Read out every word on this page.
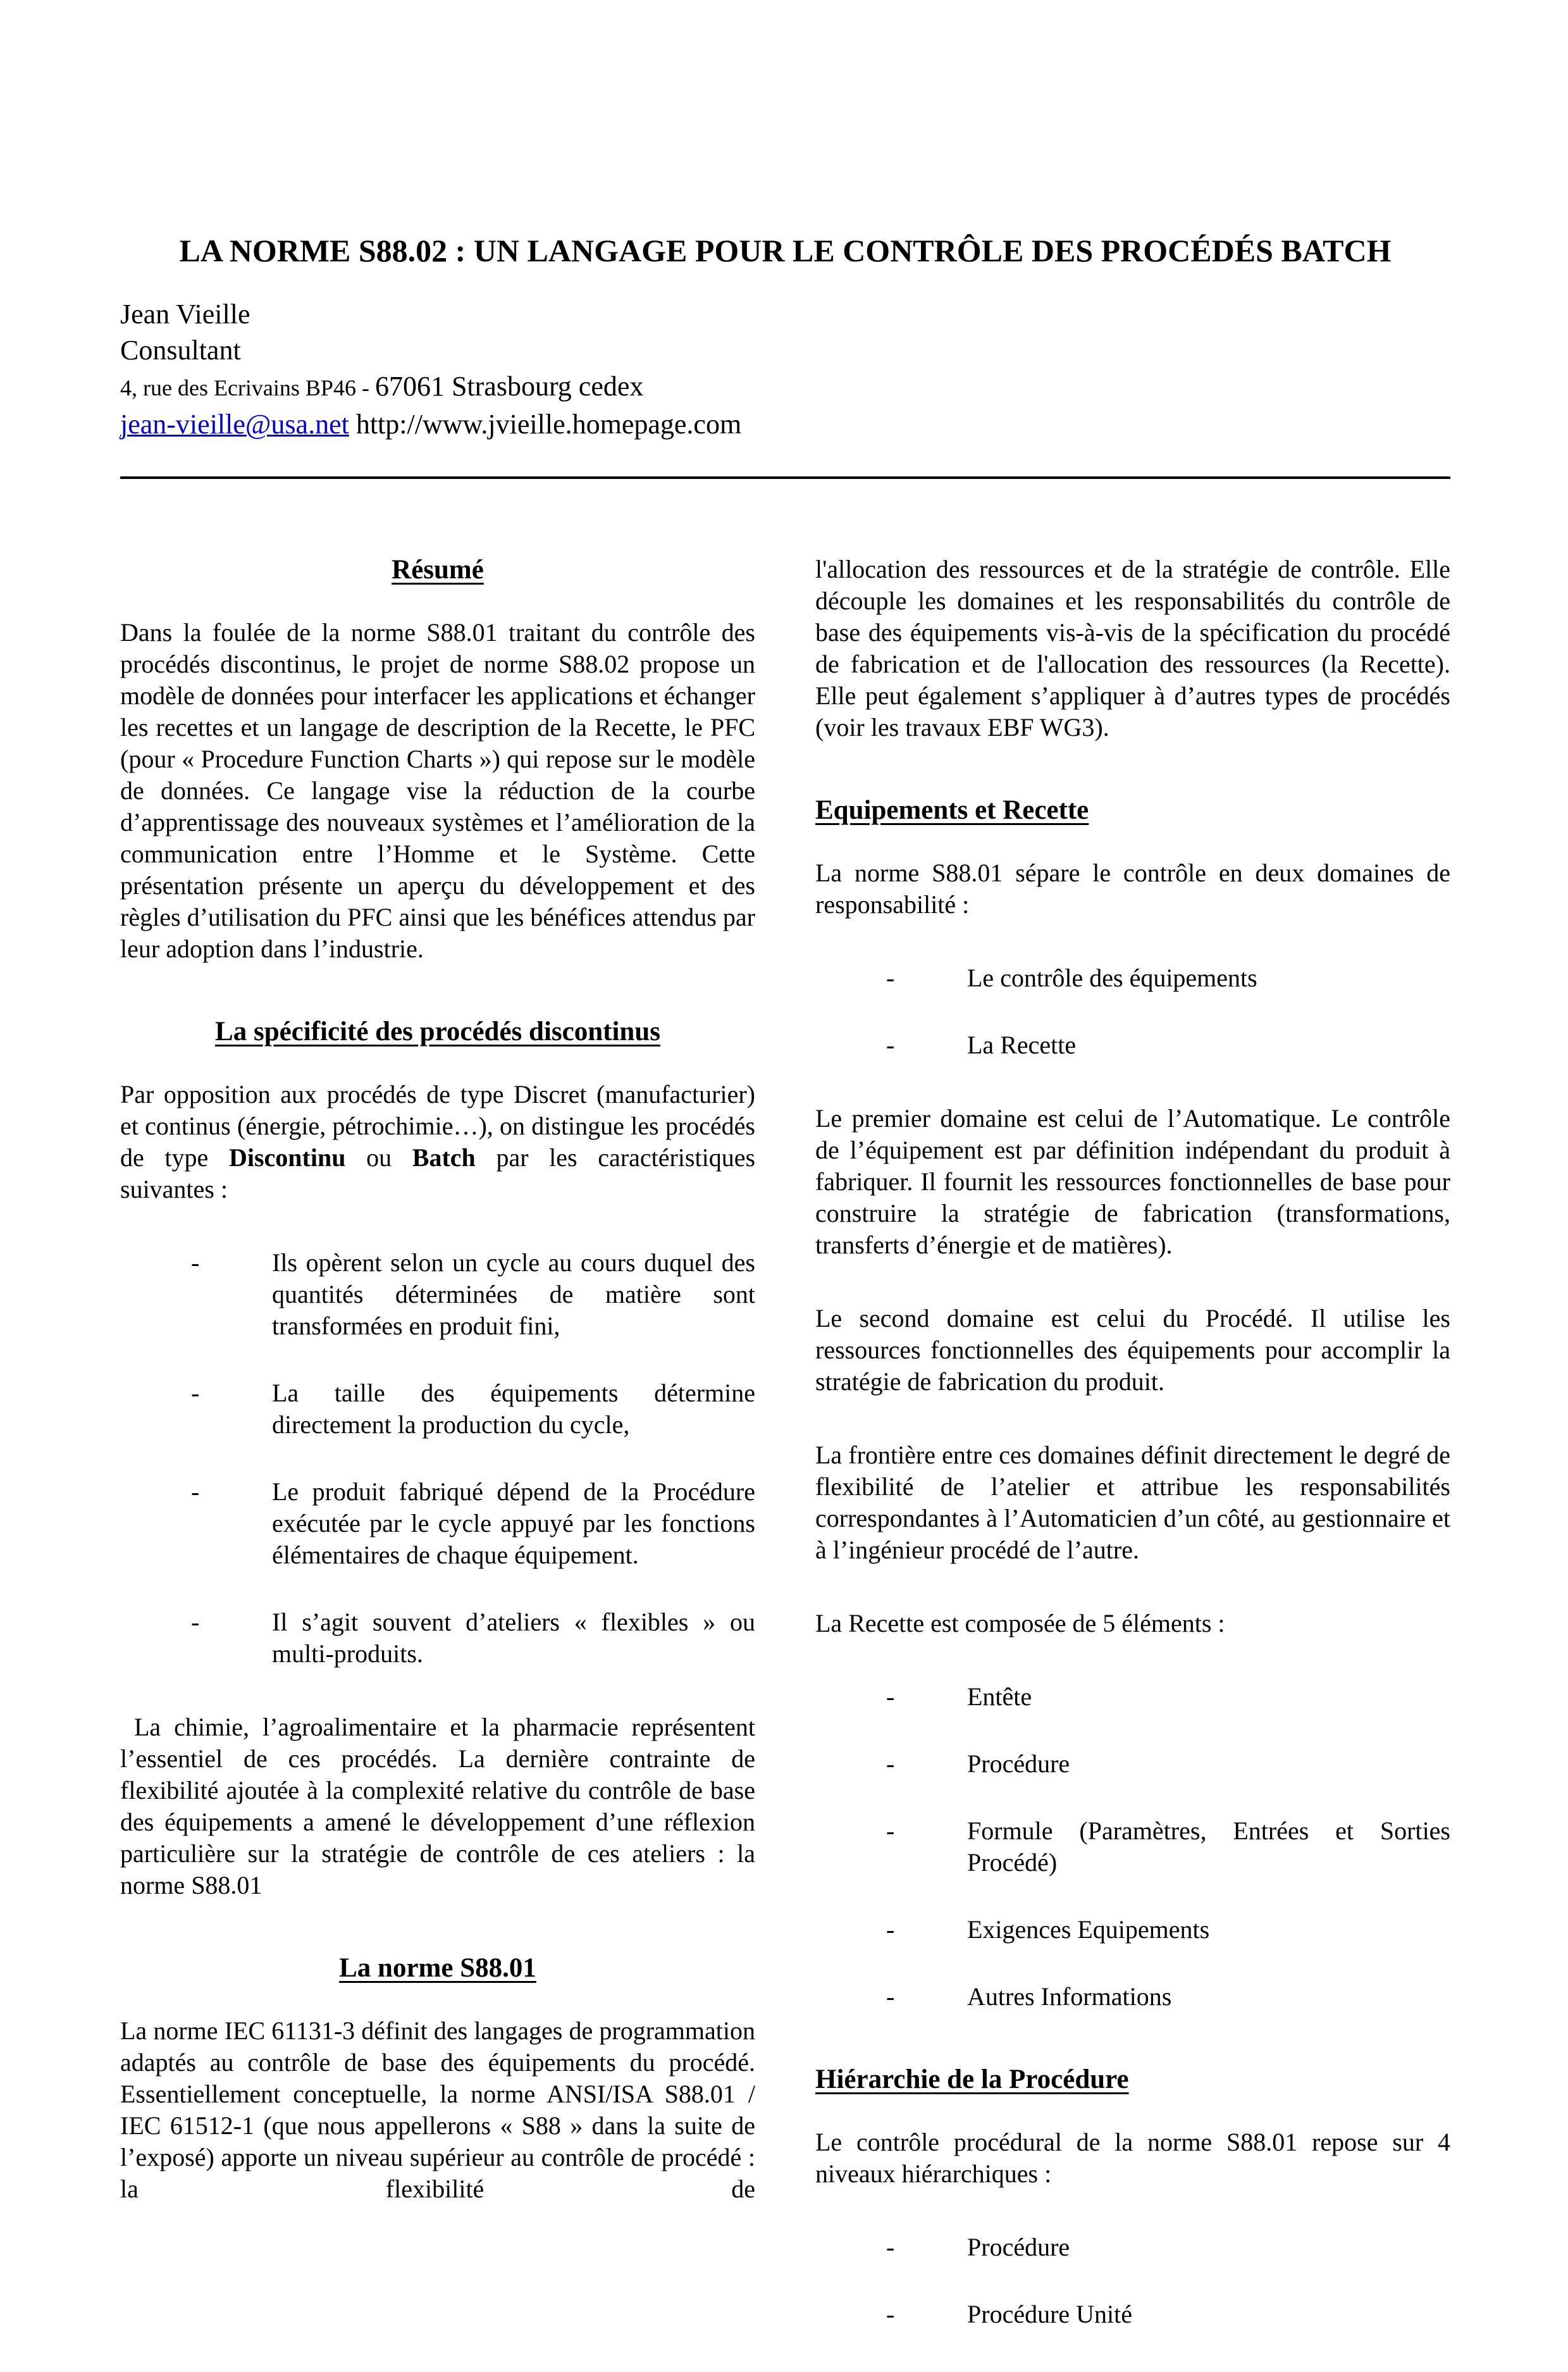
LA NORME S88.02 : UN LANGAGE POUR LE CONTRÔLE DES PROCÉDÉS BATCH
Jean Vieille
Consultant
4, rue des Ecrivains BP46 - 67061 Strasbourg cedex
jean-vieille@usa.net http://www.jvieille.homepage.com
Résumé

Dans la foulée de la norme S88.01 traitant du contrôle des procédés discontinus, le projet de norme S88.02 propose un modèle de données pour interfacer les applications et échanger les recettes et un langage de description de la Recette, le PFC (pour « Procedure Function Charts ») qui repose sur le modèle de données. Ce langage vise la réduction de la courbe d’apprentissage des nouveaux systèmes et l’amélioration de la communication entre l’Homme et le Système. Cette présentation présente un aperçu du développement et des règles d’utilisation du PFC ainsi que les bénéfices attendus par leur adoption dans l’industrie.

La spécificité des procédés discontinus

Par opposition aux procédés de type Discret (manufacturier) et continus (énergie, pétrochimie…), on distingue les procédés de type Discontinu ou Batch par les caractéristiques suivantes :

-	Ils opèrent selon un cycle au cours duquel des quantités déterminées de matière sont transformées en produit fini,
-	La taille des équipements détermine directement la production du cycle,
-	Le produit fabriqué dépend de la Procédure exécutée par le cycle appuyé par les fonctions élémentaires de chaque équipement.
-	Il s’agit souvent d’ateliers « flexibles » ou multi-produits.

La chimie, l’agroalimentaire et la pharmacie représentent l’essentiel de ces procédés. La dernière contrainte de flexibilité ajoutée à la complexité relative du contrôle de base des équipements a amené le développement d’une réflexion particulière sur la stratégie de contrôle de ces ateliers : la norme S88.01

La norme S88.01

La norme IEC 61131-3 définit des langages de programmation adaptés au contrôle de base des équipements du procédé. Essentiellement conceptuelle, la norme ANSI/ISA S88.01 / IEC 61512-1 (que nous appellerons « S88 » dans la suite de l’exposé) apporte un niveau supérieur au contrôle de procédé : la flexibilité de

l'allocation des ressources et de la stratégie de contrôle. Elle découple les domaines et les responsabilités du contrôle de base des équipements vis-à-vis de la spécification du procédé de fabrication et de l'allocation des ressources (la Recette). Elle peut également s’appliquer à d’autres types de procédés (voir les travaux EBF WG3).

Equipements et Recette

La norme S88.01 sépare le contrôle en deux domaines de responsabilité :

-	Le contrôle des équipements
-	La Recette

Le premier domaine est celui de l’Automatique. Le contrôle de l’équipement est par définition indépendant du produit à fabriquer. Il fournit les ressources fonctionnelles de base pour construire la stratégie de fabrication (transformations, transferts d’énergie et de matières).

Le second domaine est celui du Procédé. Il utilise les ressources fonctionnelles des équipements pour accomplir la stratégie de fabrication du produit.

La frontière entre ces domaines définit directement le degré de flexibilité de l’atelier et attribue les responsabilités correspondantes à l’Automaticien d’un côté, au gestionnaire et à l’ingénieur procédé de l’autre.

La Recette est composée de 5 éléments :

-	Entête
-	Procédure
-	Formule (Paramètres, Entrées et Sorties Procédé)
-	Exigences Equipements
-	Autres Informations
Hiérarchie de la Procédure

Le contrôle procédural de la norme S88.01 repose sur 4 niveaux hiérarchiques :

-	Procédure
-	Procédure Unité
